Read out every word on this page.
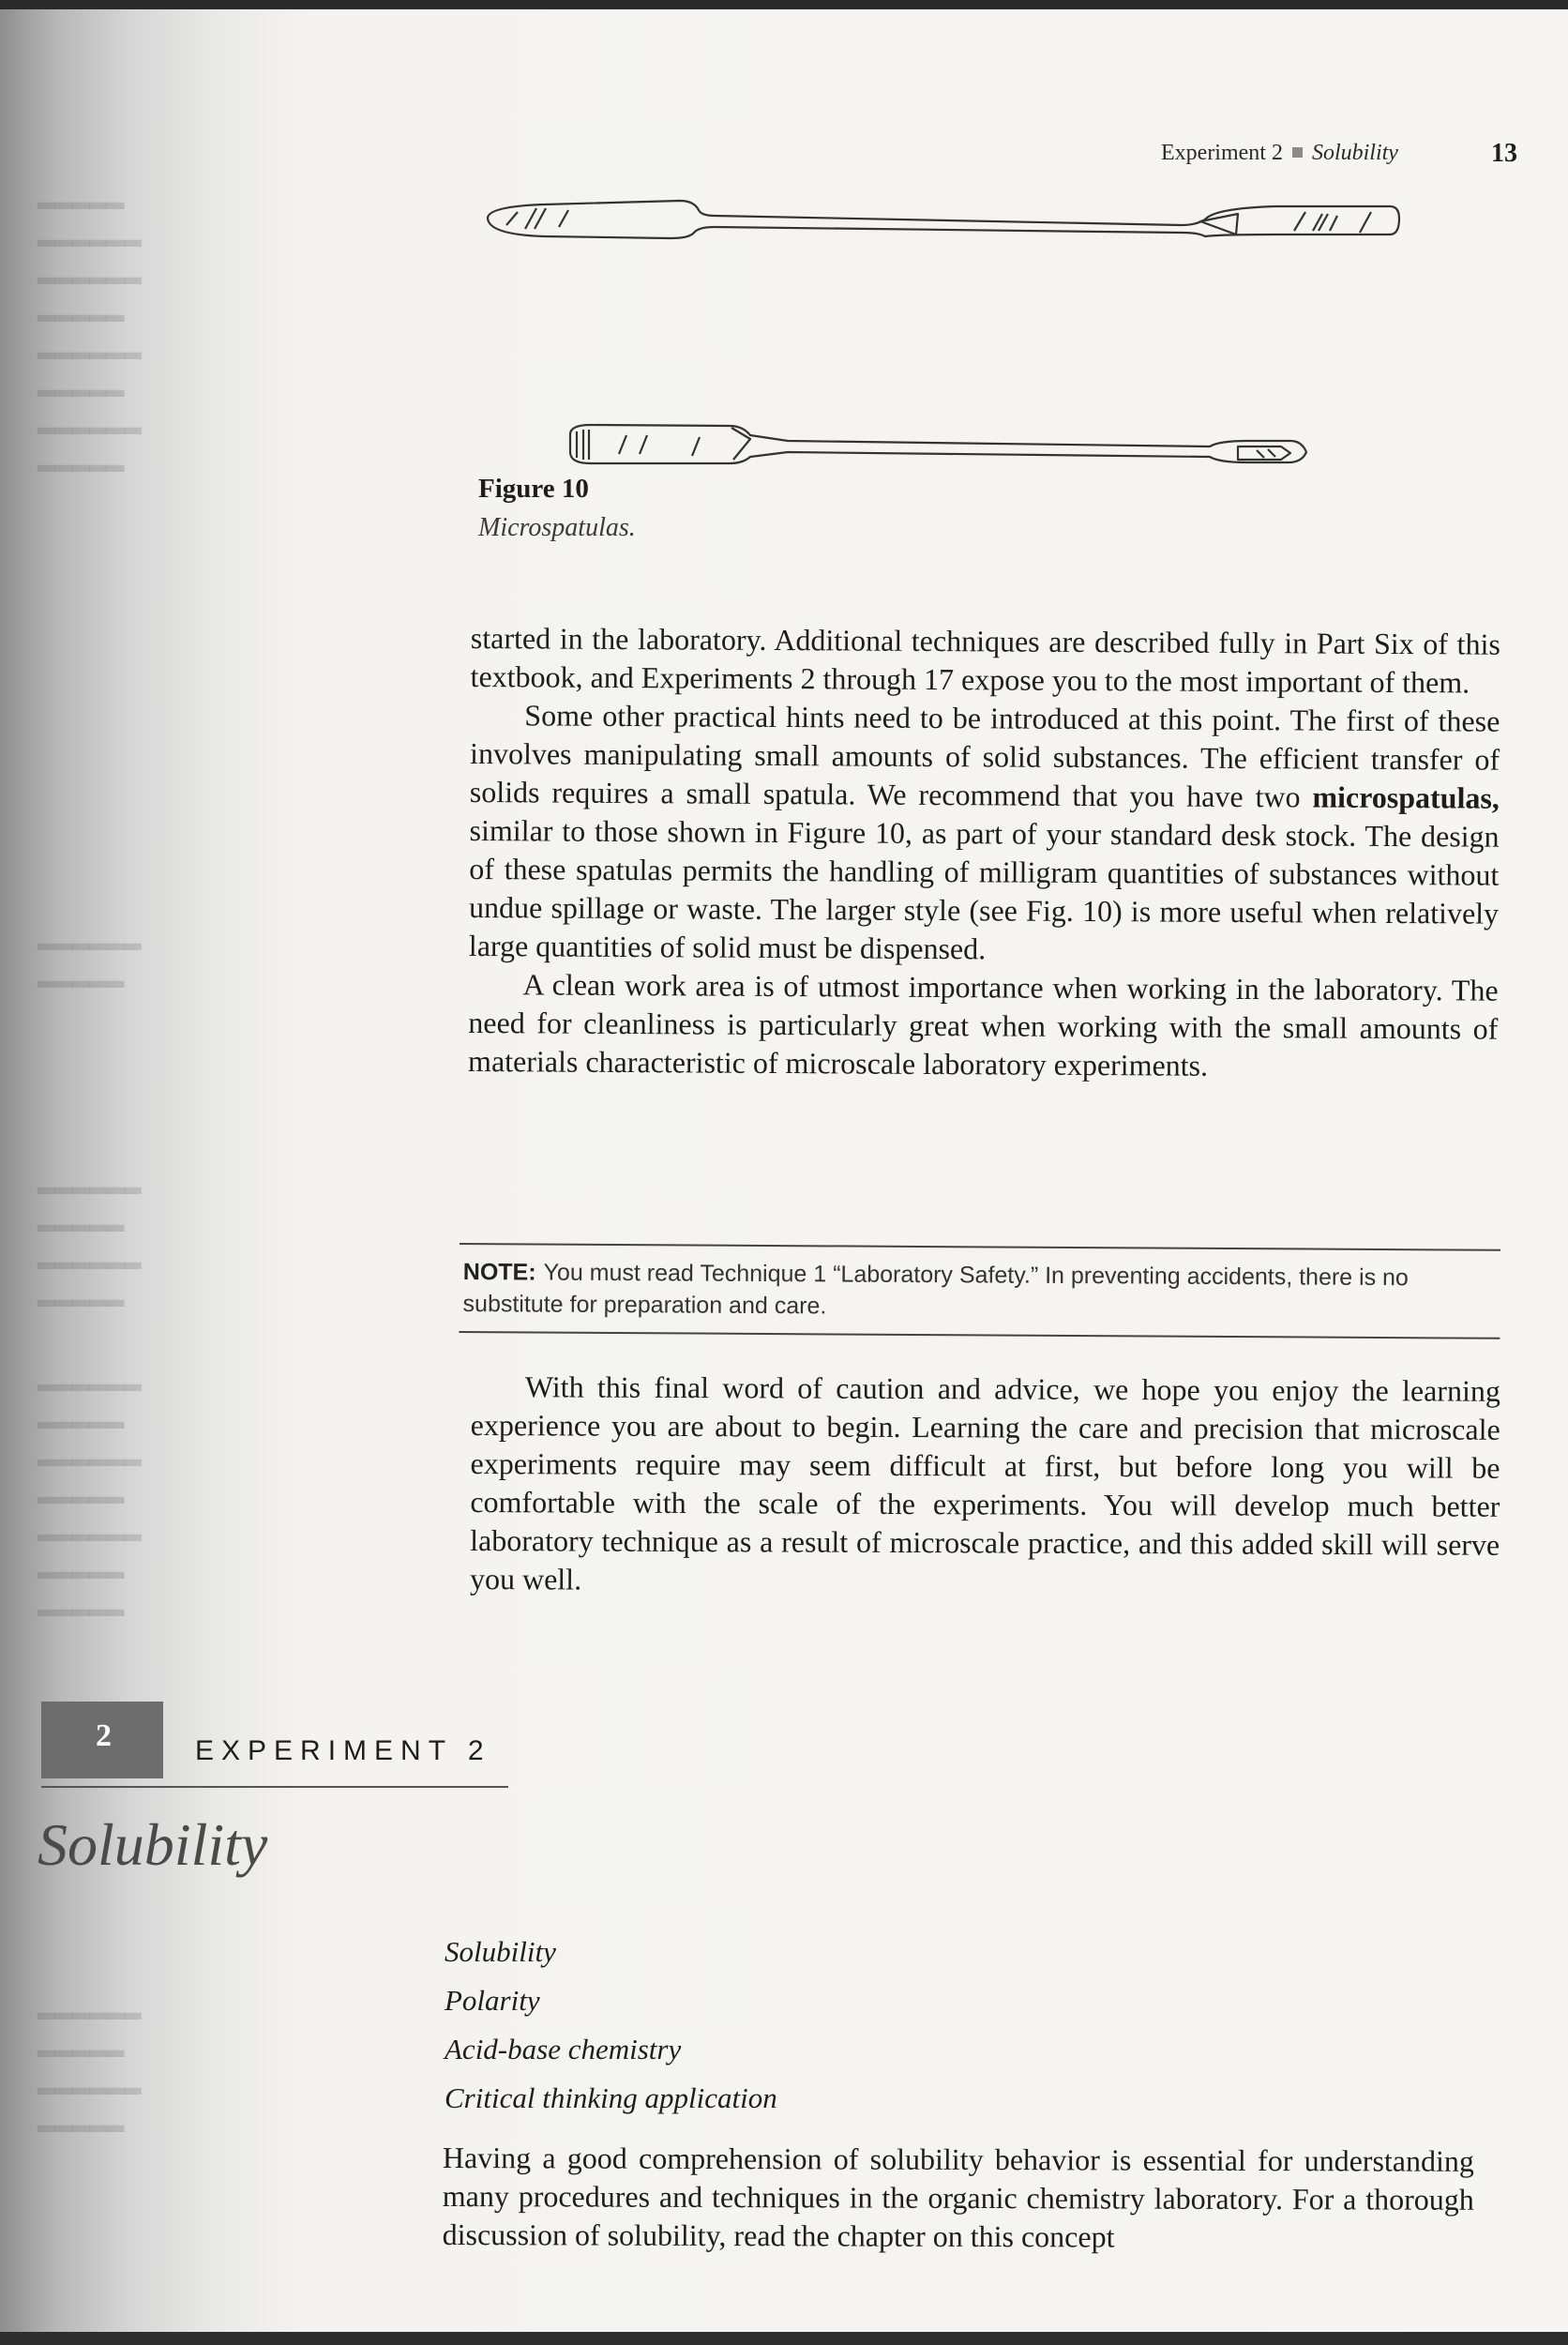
▂▂▂▂▂
▂▂▂▂▂▂
▂▂▂▂▂▂
▂▂▂▂▂
▂▂▂▂▂▂
▂▂▂▂▂
▂▂▂▂▂▂
▂▂▂▂▂
▂▂▂▂▂▂
▂▂▂▂▂
▂▂▂▂▂▂
▂▂▂▂▂
▂▂▂▂▂▂
▂▂▂▂▂
▂▂▂▂▂▂
▂▂▂▂▂
▂▂▂▂▂▂
▂▂▂▂▂
▂▂▂▂▂▂
▂▂▂▂▂
▂▂▂▂▂
▂▂▂▂▂▂
▂▂▂▂▂
▂▂▂▂▂▂
▂▂▂▂▂
Experiment 2 Solubility	13
Figure 10
Microspatulas.

started in the laboratory. Additional techniques are described fully in Part Six of this textbook, and Experiments 2 through 17 expose you to the most important of them.

Some other practical hints need to be introduced at this point. The first of these involves manipulating small amounts of solid substances. The efficient transfer of solids requires a small spatula. We recommend that you have two microspatulas, similar to those shown in Figure 10, as part of your standard desk stock. The design of these spatulas permits the handling of milligram quantities of substances without undue spillage or waste. The larger style (see Fig. 10) is more useful when relatively large quantities of solid must be dispensed.

A clean work area is of utmost importance when working in the laboratory. The need for cleanliness is particularly great when working with the small amounts of materials characteristic of microscale laboratory experiments.

NOTE: You must read Technique 1 “Laboratory Safety.” In preventing accidents, there is no substitute for preparation and care.

With this final word of caution and advice, we hope you enjoy the learning experience you are about to begin. Learning the care and precision that microscale experiments require may seem difficult at first, but before long you will be comfortable with the scale of the experiments. You will develop much better laboratory technique as a result of microscale practice, and this added skill will serve you well.

2	EXPERIMENT 2
Solubility
Solubility
Polarity
Acid-base chemistry
Critical thinking application

Having a good comprehension of solubility behavior is essential for understanding many procedures and techniques in the organic chemistry laboratory. For a thorough discussion of solubility, read the chapter on this concept
